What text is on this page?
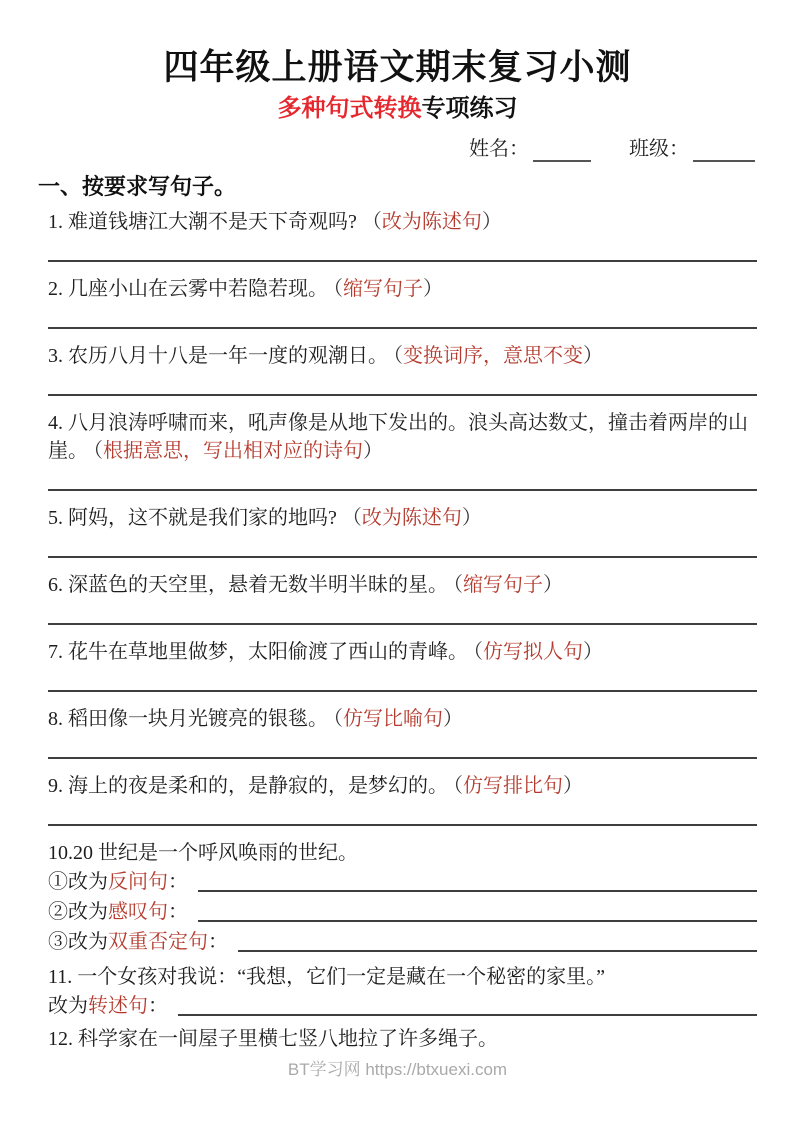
四年级上册语文期末复习小测
多种句式转换专项练习
姓名：	班级：
一、按要求写句子。

1. 难道钱塘江大潮不是天下奇观吗? （改为陈述句）

2. 几座小山在云雾中若隐若现。 （缩写句子）

3. 农历八月十八是一年一度的观潮日。 （变换词序，意思不变）

4. 八月浪涛呼啸而来，吼声像是从地下发出的。浪头高达数丈，撞击着两岸的山崖。 （根据意思，写出相对应的诗句）

5. 阿妈，这不就是我们家的地吗? （改为陈述句）

6. 深蓝色的天空里，悬着无数半明半昧的星。 （缩写句子）

7. 花牛在草地里做梦，太阳偷渡了西山的青峰。 （仿写拟人句）

8. 稻田像一块月光镀亮的银毯。 （仿写比喻句）

9. 海上的夜是柔和的，是静寂的，是梦幻的。 （仿写排比句）

10.20 世纪是一个呼风唤雨的世纪。

①改为反问句：
②改为感叹句：
③改为双重否定句：

11. 一个女孩对我说：“我想，它们一定是藏在一个秘密的家里。”

改为转述句：

12. 科学家在一间屋子里横七竖八地拉了许多绳子。

BT学习网 https://btxuexi.com
